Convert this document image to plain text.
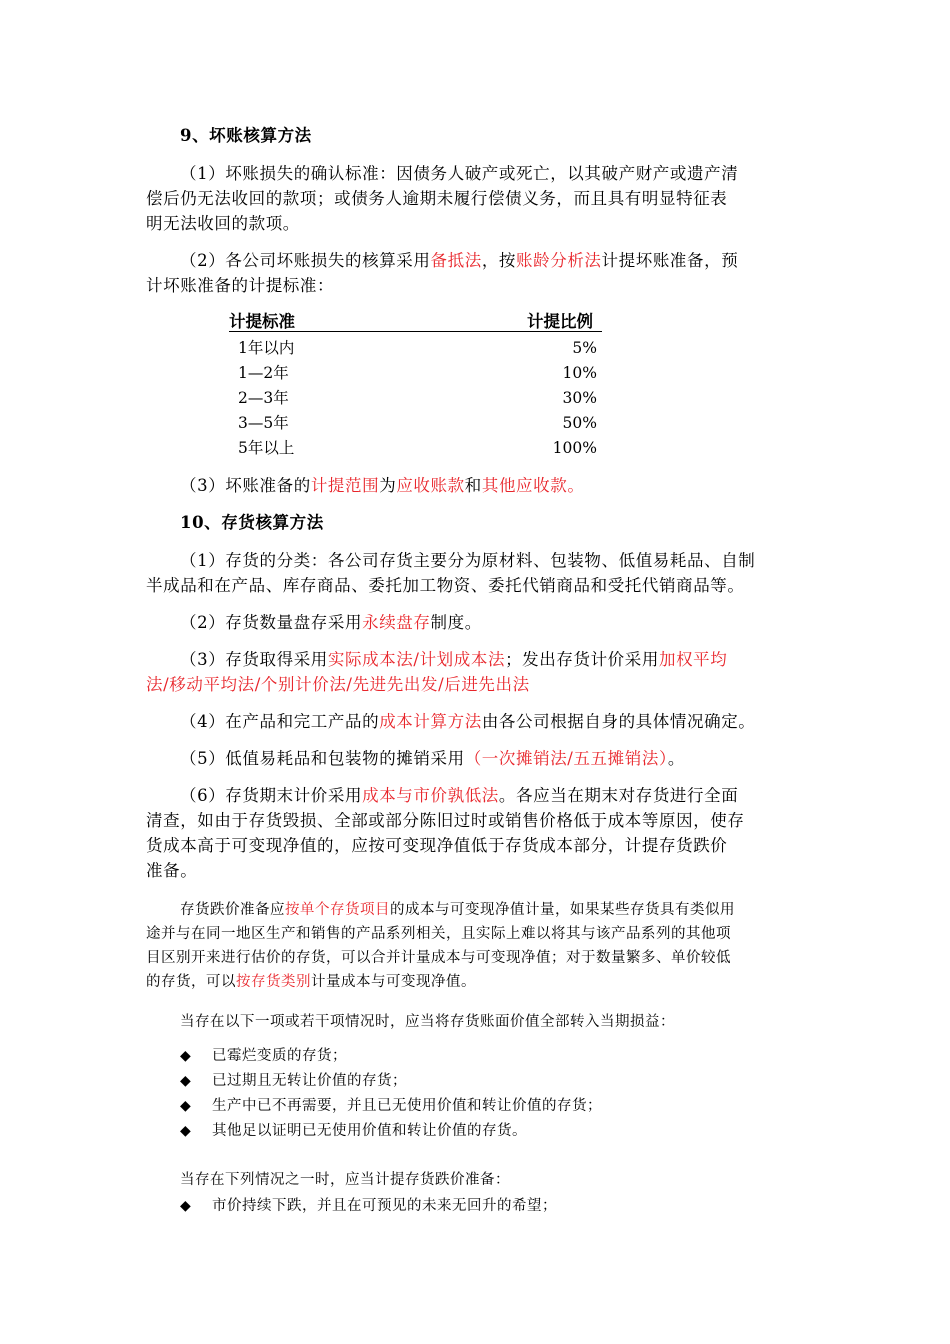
9、坏账核算方法
（1）坏账损失的确认标准：因债务人破产或死亡，以其破产财产或遗产清
偿后仍无法收回的款项；或债务人逾期未履行偿债义务，而且具有明显特征表
明无法收回的款项。
（2）各公司坏账损失的核算采用备抵法，按账龄分析法计提坏账准备，预
计坏账准备的计提标准：
计提标准	计提比例
1年以内	5%
1—2年	10%
2—3年	30%
3—5年	50%
5年以上	100%
（3）坏账准备的计提范围为应收账款和其他应收款。
10、存货核算方法
（1）存货的分类：各公司存货主要分为原材料、包装物、低值易耗品、自制
半成品和在产品、库存商品、委托加工物资、委托代销商品和受托代销商品等。
（2）存货数量盘存采用永续盘存制度。
（3）存货取得采用实际成本法/计划成本法；发出存货计价采用加权平均
法/移动平均法/个别计价法/先进先出发/后进先出法
（4）在产品和完工产品的成本计算方法由各公司根据自身的具体情况确定。
（5）低值易耗品和包装物的摊销采用（一次摊销法/五五摊销法）。
（6）存货期末计价采用成本与市价孰低法。各应当在期末对存货进行全面
清查，如由于存货毁损、全部或部分陈旧过时或销售价格低于成本等原因，使存
货成本高于可变现净值的，应按可变现净值低于存货成本部分，计提存货跌价
准备。
存货跌价准备应按单个存货项目的成本与可变现净值计量，如果某些存货具有类似用
途并与在同一地区生产和销售的产品系列相关，且实际上难以将其与该产品系列的其他项
目区别开来进行估价的存货，可以合并计量成本与可变现净值；对于数量繁多、单价较低
的存货，可以按存货类别计量成本与可变现净值。
当存在以下一项或若干项情况时，应当将存货账面价值全部转入当期损益：
◆ 已霉烂变质的存货；
◆ 已过期且无转让价值的存货；
◆ 生产中已不再需要，并且已无使用价值和转让价值的存货；
◆ 其他足以证明已无使用价值和转让价值的存货。
当存在下列情况之一时，应当计提存货跌价准备：
◆ 市价持续下跌，并且在可预见的未来无回升的希望；
